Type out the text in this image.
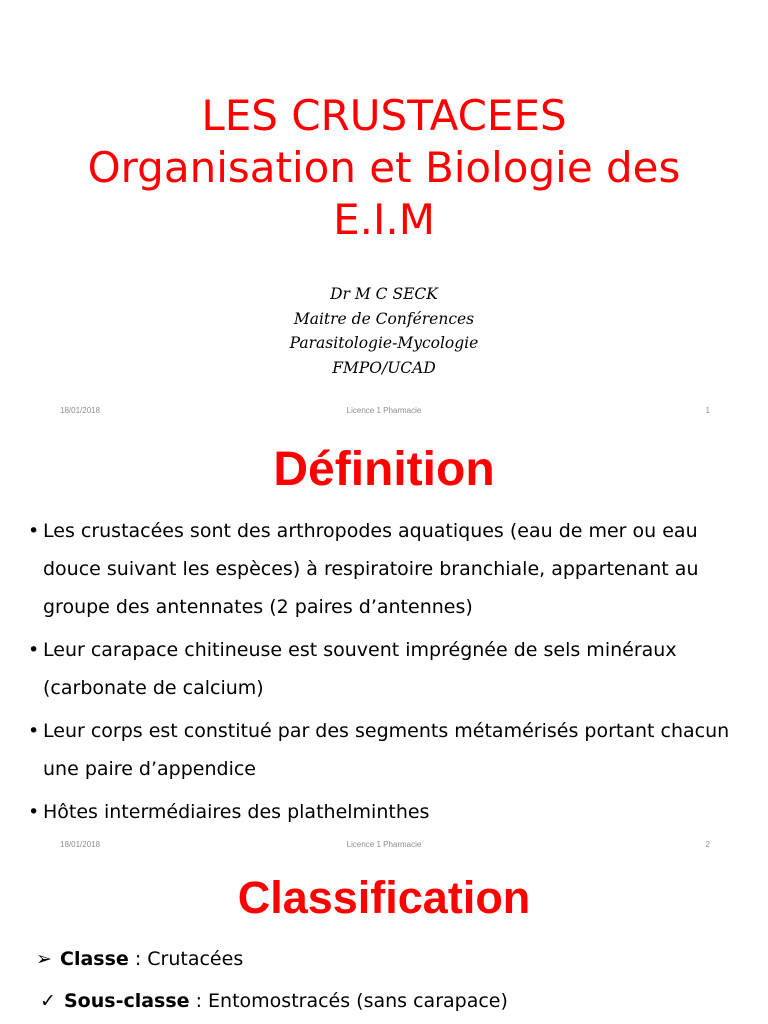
LES CRUSTACEES
Organisation et Biologie des
E.I.M
Dr M C SECK
Maitre de Conférences
Parasitologie-Mycologie
FMPO/UCAD
18/01/2018	Licence 1 Pharmacie	1
Définition
• Les crustacées sont des arthropodes aquatiques (eau de mer ou eau douce suivant les espèces) à respiratoire branchiale, appartenant au groupe des antennates (2 paires d’antennes)
• Leur carapace chitineuse est souvent imprégnée de sels minéraux (carbonate de calcium)
• Leur corps est constitué par des segments métamérisés portant chacun une paire d’appendice
• Hôtes intermédiaires des plathelminthes
18/01/2018	Licence 1 Pharmacie	2
Classification
➢ Classe : Crutacées
✓ Sous-classe : Entomostracés (sans carapace)
